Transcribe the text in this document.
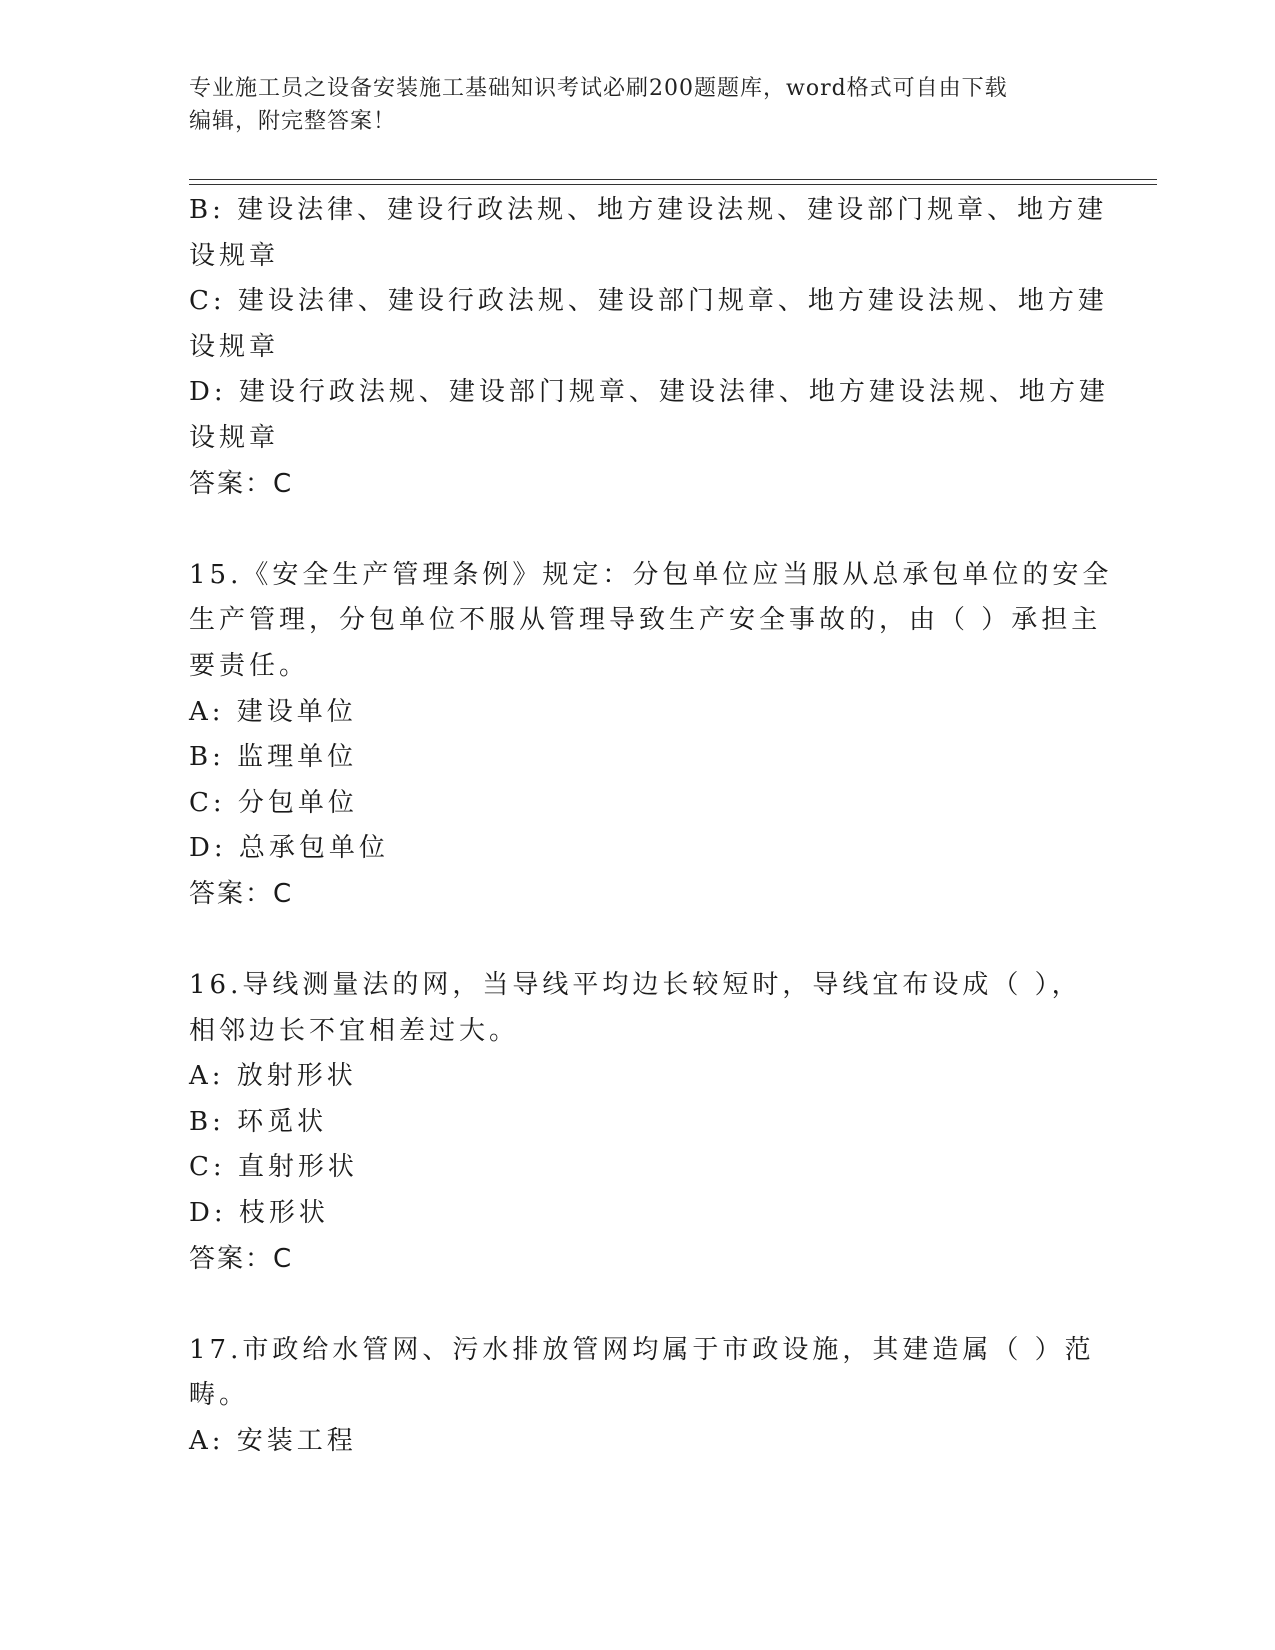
专业施工员之设备安装施工基础知识考试必刷200题题库，word格式可自由下载
编辑，附完整答案！
B: 建设法律、建设行政法规、地方建设法规、建设部门规章、地方建
设规章
C: 建设法律、建设行政法规、建设部门规章、地方建设法规、地方建
设规章
D: 建设行政法规、建设部门规章、建设法律、地方建设法规、地方建
设规章
答案：C
15.《安全生产管理条例》规定：分包单位应当服从总承包单位的安全
生产管理，分包单位不服从管理导致生产安全事故的，由（ ）承担主
要责任。
A: 建设单位
B: 监理单位
C: 分包单位
D: 总承包单位
答案：C
16.导线测量法的网，当导线平均边长较短时，导线宜布设成（ ），
相邻边长不宜相差过大。
A: 放射形状
B: 环觅状
C: 直射形状
D: 枝形状
答案：C
17.市政给水管网、污水排放管网均属于市政设施，其建造属（ ）范
畴。
A: 安装工程
